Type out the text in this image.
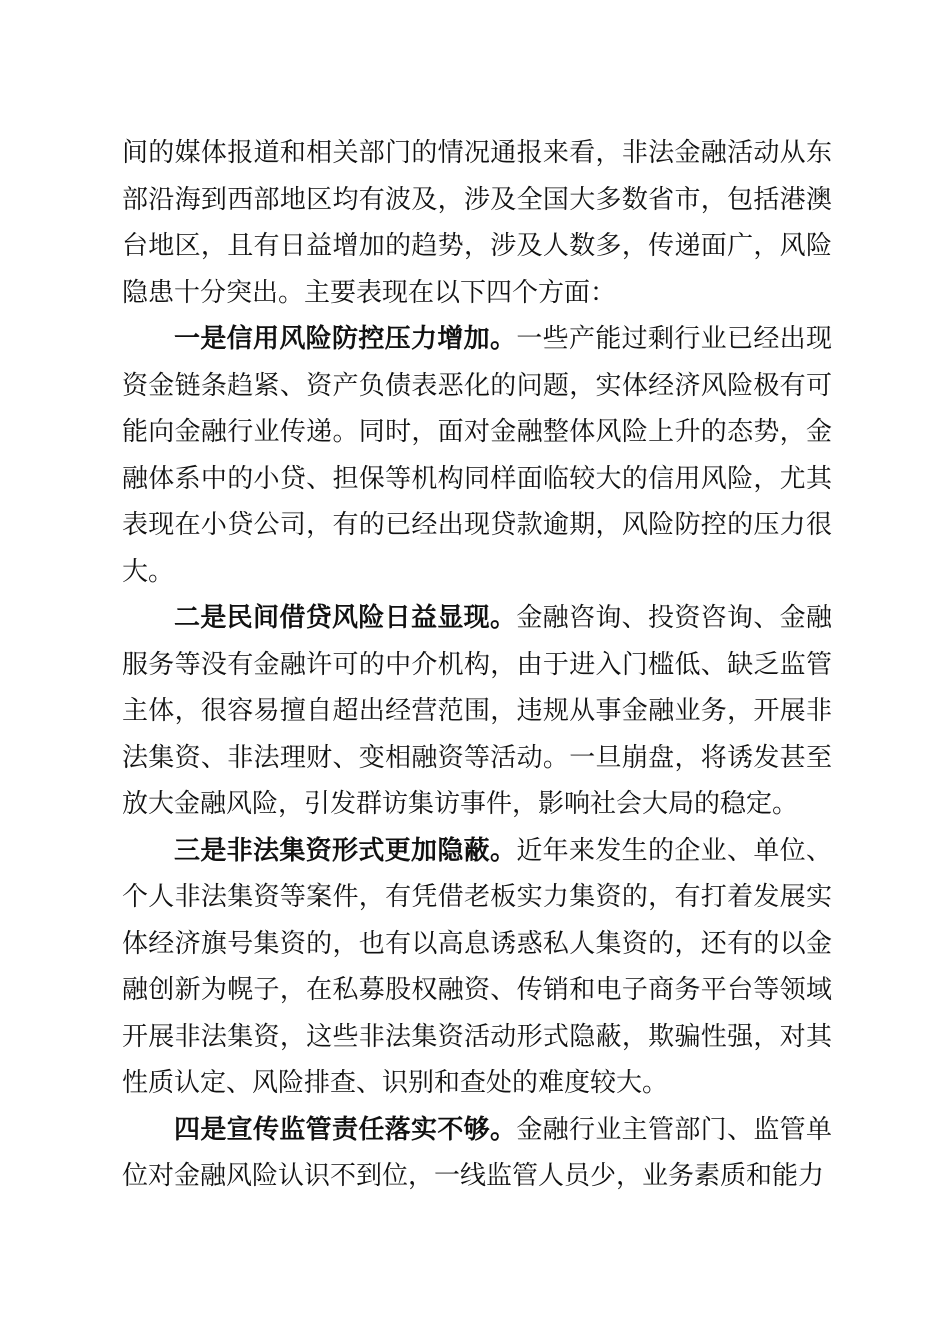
间的媒体报道和相关部门的情况通报来看，非法金融活动从东部沿海到西部地区均有波及，涉及全国大多数省市，包括港澳台地区，且有日益增加的趋势，涉及人数多，传递面广，风险隐患十分突出。主要表现在以下四个方面：

一是信用风险防控压力增加。一些产能过剩行业已经出现资金链条趋紧、资产负债表恶化的问题，实体经济风险极有可能向金融行业传递。同时，面对金融整体风险上升的态势，金融体系中的小贷、担保等机构同样面临较大的信用风险，尤其表现在小贷公司，有的已经出现贷款逾期，风险防控的压力很大。

二是民间借贷风险日益显现。金融咨询、投资咨询、金融服务等没有金融许可的中介机构，由于进入门槛低、缺乏监管主体，很容易擅自超出经营范围，违规从事金融业务，开展非法集资、非法理财、变相融资等活动。一旦崩盘，将诱发甚至放大金融风险，引发群访集访事件，影响社会大局的稳定。

三是非法集资形式更加隐蔽。近年来发生的企业、单位、个人非法集资等案件，有凭借老板实力集资的，有打着发展实体经济旗号集资的，也有以高息诱惑私人集资的，还有的以金融创新为幌子，在私募股权融资、传销和电子商务平台等领域开展非法集资，这些非法集资活动形式隐蔽，欺骗性强，对其性质认定、风险排查、识别和查处的难度较大。

四是宣传监管责任落实不够。金融行业主管部门、监管单位对金融风险认识不到位，一线监管人员少，业务素质和能力
